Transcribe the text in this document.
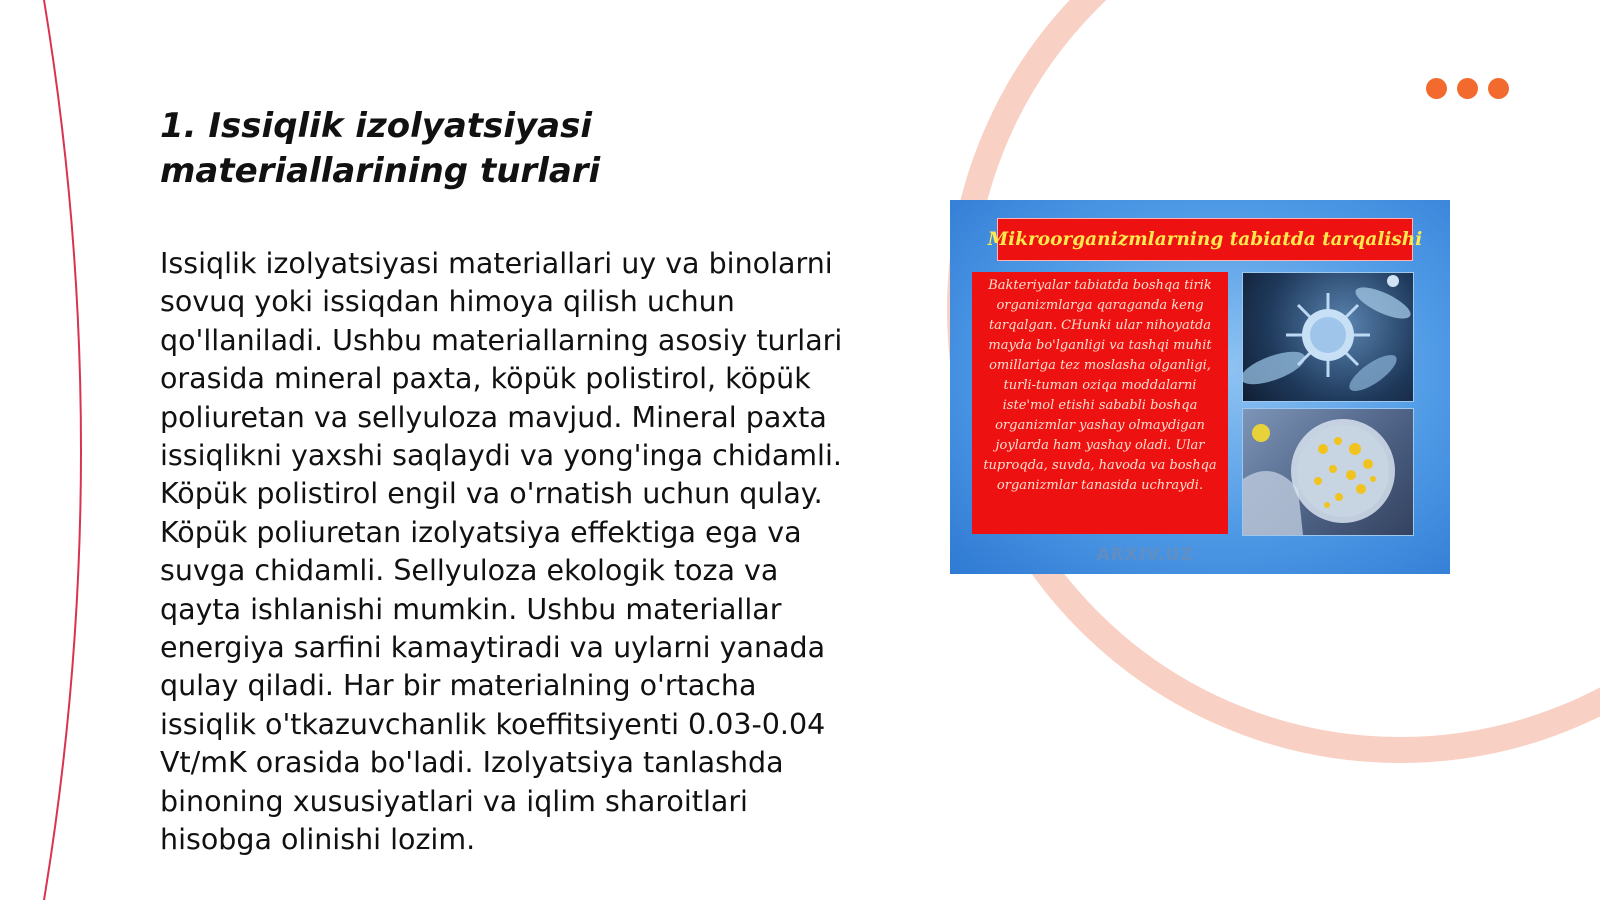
1. Issiqlik izolyatsiyasi materiallarining turlari

Issiqlik izolyatsiyasi materiallari uy va binolarni sovuq yoki issiqdan himoya qilish uchun qo'llaniladi. Ushbu materiallarning asosiy turlari orasida mineral paxta, köpük polistirol, köpük poliuretan va sellyuloza mavjud. Mineral paxta issiqlikni yaxshi saqlaydi va yong'inga chidamli. Köpük polistirol engil va o'rnatish uchun qulay. Köpük poliuretan izolyatsiya effektiga ega va suvga chidamli. Sellyuloza ekologik toza va qayta ishlanishi mumkin. Ushbu materiallar energiya sarfini kamaytiradi va uylarni yanada qulay qiladi. Har bir materialning o'rtacha issiqlik o'tkazuvchanlik koeffitsiyenti 0.03-0.04 Vt/mK orasida bo'ladi. Izolyatsiya tanlashda binoning xususiyatlari va iqlim sharoitlari hisobga olinishi lozim.

Mikroorganizmlarning tabiatda tarqalishi
Bakteriyalar tabiatda boshqa tirik organizmlarga qaraganda keng tarqalgan. CHunki ular nihoyatda mayda bo'lganligi va tashqi muhit omillariga tez moslasha olganligi, turli-tuman oziqa moddalarni iste'mol etishi sababli boshqa organizmlar yashay olmaydigan joylarda ham yashay oladi. Ular tuproqda, suvda, havoda va boshqa organizmlar tanasida uchraydi.
ARXIV.UZ
